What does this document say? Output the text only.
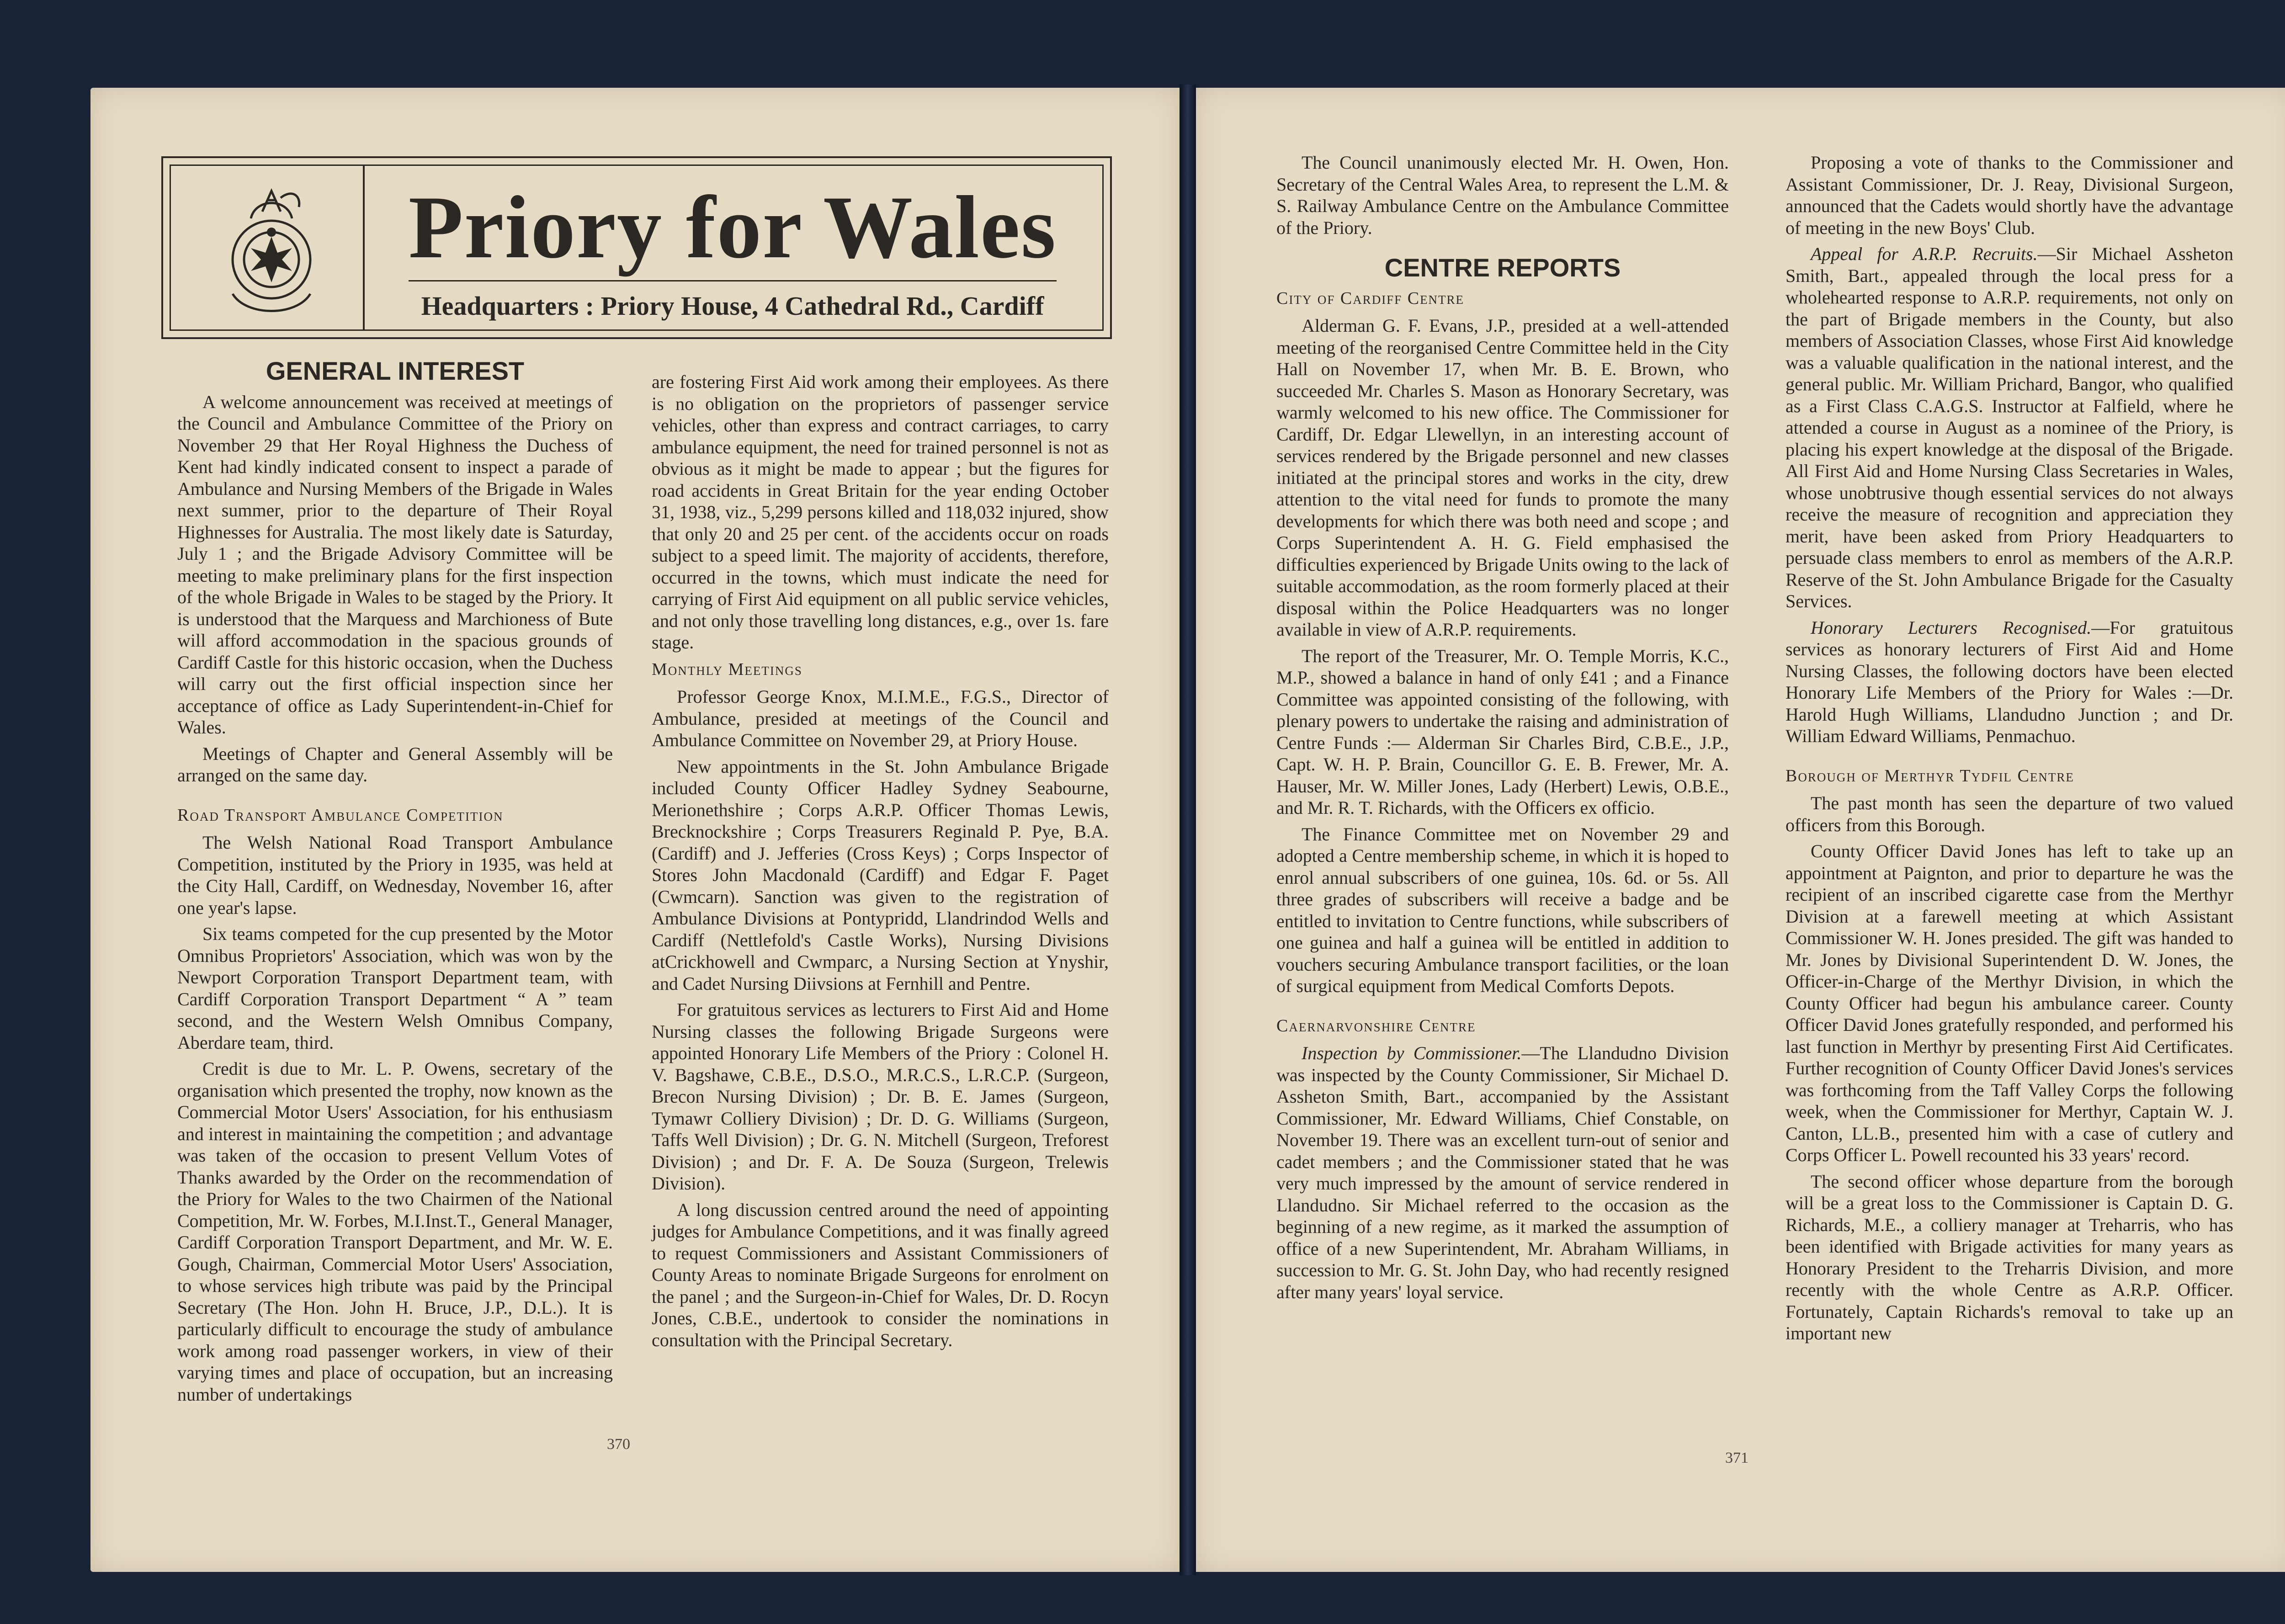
Priory for Wales
Headquarters : Priory House, 4 Cathedral Rd., Cardiff
GENERAL INTEREST

A welcome announcement was received at meetings of the Council and Ambulance Committee of the Priory on November 29 that Her Royal Highness the Duchess of Kent had kindly indicated consent to inspect a parade of Ambulance and Nursing Members of the Brigade in Wales next summer, prior to the departure of Their Royal Highnesses for Australia. The most likely date is Saturday, July 1 ; and the Brigade Advisory Committee will be meeting to make preliminary plans for the first inspection of the whole Brigade in Wales to be staged by the Priory. It is understood that the Marquess and Marchioness of Bute will afford accommodation in the spacious grounds of Cardiff Castle for this historic occasion, when the Duchess will carry out the first official inspection since her acceptance of office as Lady Superintendent-in-Chief for Wales.

Meetings of Chapter and General Assembly will be arranged on the same day.

Road Transport Ambulance Competition

The Welsh National Road Transport Ambulance Competition, instituted by the Priory in 1935, was held at the City Hall, Cardiff, on Wednesday, November 16, after one year's lapse.

Six teams competed for the cup presented by the Motor Omnibus Proprietors' Association, which was won by the Newport Corporation Transport Department team, with Cardiff Corporation Transport Department “ A ” team second, and the Western Welsh Omnibus Company, Aberdare team, third.

Credit is due to Mr. L. P. Owens, secretary of the organisation which presented the trophy, now known as the Commercial Motor Users' Association, for his enthusiasm and interest in maintaining the competition ; and advantage was taken of the occasion to present Vellum Votes of Thanks awarded by the Order on the recommendation of the Priory for Wales to the two Chairmen of the National Competition, Mr. W. Forbes, M.I.Inst.T., General Manager, Cardiff Corporation Transport Department, and Mr. W. E. Gough, Chairman, Commercial Motor Users' Association, to whose services high tribute was paid by the Principal Secretary (The Hon. John H. Bruce, J.P., D.L.). It is particularly difficult to encourage the study of ambulance work among road passenger workers, in view of their varying times and place of occupation, but an increasing number of undertakings

are fostering First Aid work among their employees. As there is no obligation on the proprietors of passenger service vehicles, other than express and contract carriages, to carry ambulance equipment, the need for trained personnel is not as obvious as it might be made to appear ; but the figures for road accidents in Great Britain for the year ending October 31, 1938, viz., 5,299 persons killed and 118,032 injured, show that only 20 and 25 per cent. of the accidents occur on roads subject to a speed limit. The majority of accidents, therefore, occurred in the towns, which must indicate the need for carrying of First Aid equipment on all public service vehicles, and not only those travelling long distances, e.g., over 1s. fare stage.

Monthly Meetings

Professor George Knox, M.I.M.E., F.G.S., Director of Ambulance, presided at meetings of the Council and Ambulance Committee on November 29, at Priory House.

New appointments in the St. John Ambulance Brigade included County Officer Hadley Sydney Seabourne, Merionethshire ; Corps A.R.P. Officer Thomas Lewis, Brecknockshire ; Corps Treasurers Reginald P. Pye, B.A. (Cardiff) and J. Jefferies (Cross Keys) ; Corps Inspector of Stores John Macdonald (Cardiff) and Edgar F. Paget (Cwmcarn). Sanction was given to the registration of Ambulance Divisions at Pontypridd, Llandrindod Wells and Cardiff (Nettlefold's Castle Works), Nursing Divisions atCrickhowell and Cwmparc, a Nursing Section at Ynyshir, and Cadet Nursing Diivsions at Fernhill and Pentre.

For gratuitous services as lecturers to First Aid and Home Nursing classes the following Brigade Surgeons were appointed Honorary Life Members of the Priory : Colonel H. V. Bagshawe, C.B.E., D.S.O., M.R.C.S., L.R.C.P. (Surgeon, Brecon Nursing Division) ; Dr. B. E. James (Surgeon, Tymawr Colliery Division) ; Dr. D. G. Williams (Surgeon, Taffs Well Division) ; Dr. G. N. Mitchell (Surgeon, Treforest Division) ; and Dr. F. A. De Souza (Surgeon, Trelewis Division).

A long discussion centred around the need of appointing judges for Ambulance Competitions, and it was finally agreed to request Commissioners and Assistant Commissioners of County Areas to nominate Brigade Surgeons for enrolment on the panel ; and the Surgeon-in-Chief for Wales, Dr. D. Rocyn Jones, C.B.E., undertook to consider the nominations in consultation with the Principal Secretary.

370

The Council unanimously elected Mr. H. Owen, Hon. Secretary of the Central Wales Area, to represent the L.M. & S. Railway Ambulance Centre on the Ambulance Committee of the Priory.

CENTRE REPORTS
City of Cardiff Centre

Alderman G. F. Evans, J.P., presided at a well-attended meeting of the reorganised Centre Committee held in the City Hall on November 17, when Mr. B. E. Brown, who succeeded Mr. Charles S. Mason as Honorary Secretary, was warmly welcomed to his new office. The Commissioner for Cardiff, Dr. Edgar Llewellyn, in an interesting account of services rendered by the Brigade personnel and new classes initiated at the principal stores and works in the city, drew attention to the vital need for funds to promote the many developments for which there was both need and scope ; and Corps Superintendent A. H. G. Field emphasised the difficulties experienced by Brigade Units owing to the lack of suitable accommodation, as the room formerly placed at their disposal within the Police Headquarters was no longer available in view of A.R.P. requirements.

The report of the Treasurer, Mr. O. Temple Morris, K.C., M.P., showed a balance in hand of only £41 ; and a Finance Committee was appointed consisting of the following, with plenary powers to undertake the raising and administration of Centre Funds :— Alderman Sir Charles Bird, C.B.E., J.P., Capt. W. H. P. Brain, Councillor G. E. B. Frewer, Mr. A. Hauser, Mr. W. Miller Jones, Lady (Herbert) Lewis, O.B.E., and Mr. R. T. Richards, with the Officers ex officio.

The Finance Committee met on November 29 and adopted a Centre membership scheme, in which it is hoped to enrol annual subscribers of one guinea, 10s. 6d. or 5s. All three grades of subscribers will receive a badge and be entitled to invitation to Centre functions, while subscribers of one guinea and half a guinea will be entitled in addition to vouchers securing Ambulance transport facilities, or the loan of surgical equipment from Medical Comforts Depots.

Caernarvonshire Centre

Inspection by Commissioner.—The Llandudno Division was inspected by the County Commissioner, Sir Michael D. Assheton Smith, Bart., accompanied by the Assistant Commissioner, Mr. Edward Williams, Chief Constable, on November 19. There was an excellent turn-out of senior and cadet members ; and the Commissioner stated that he was very much impressed by the amount of service rendered in Llandudno. Sir Michael referred to the occasion as the beginning of a new regime, as it marked the assumption of office of a new Superintendent, Mr. Abraham Williams, in succession to Mr. G. St. John Day, who had recently resigned after many years' loyal service.

Proposing a vote of thanks to the Commissioner and Assistant Commissioner, Dr. J. Reay, Divisional Surgeon, announced that the Cadets would shortly have the advantage of meeting in the new Boys' Club.

Appeal for A.R.P. Recruits.—Sir Michael Assheton Smith, Bart., appealed through the local press for a wholehearted response to A.R.P. requirements, not only on the part of Brigade members in the County, but also members of Association Classes, whose First Aid knowledge was a valuable qualification in the national interest, and the general public. Mr. William Prichard, Bangor, who qualified as a First Class C.A.G.S. Instructor at Falfield, where he attended a course in August as a nominee of the Priory, is placing his expert knowledge at the disposal of the Brigade. All First Aid and Home Nursing Class Secretaries in Wales, whose unobtrusive though essential services do not always receive the measure of recognition and appreciation they merit, have been asked from Priory Headquarters to persuade class members to enrol as members of the A.R.P. Reserve of the St. John Ambulance Brigade for the Casualty Services.

Honorary Lecturers Recognised.—For gratuitous services as honorary lecturers of First Aid and Home Nursing Classes, the following doctors have been elected Honorary Life Members of the Priory for Wales :—Dr. Harold Hugh Williams, Llandudno Junction ; and Dr. William Edward Williams, Penmachuo.

Borough of Merthyr Tydfil Centre

The past month has seen the departure of two valued officers from this Borough.

County Officer David Jones has left to take up an appointment at Paignton, and prior to departure he was the recipient of an inscribed cigarette case from the Merthyr Division at a farewell meeting at which Assistant Commissioner W. H. Jones presided. The gift was handed to Mr. Jones by Divisional Superintendent D. W. Jones, the Officer-in-Charge of the Merthyr Division, in which the County Officer had begun his ambulance career. County Officer David Jones gratefully responded, and performed his last function in Merthyr by presenting First Aid Certificates. Further recognition of County Officer David Jones's services was forthcoming from the Taff Valley Corps the following week, when the Commissioner for Merthyr, Captain W. J. Canton, LL.B., presented him with a case of cutlery and Corps Officer L. Powell recounted his 33 years' record.

The second officer whose departure from the borough will be a great loss to the Commissioner is Captain D. G. Richards, M.E., a colliery manager at Treharris, who has been identified with Brigade activities for many years as Honorary President to the Treharris Division, and more recently with the whole Centre as A.R.P. Officer. Fortunately, Captain Richards's removal to take up an important new

371
